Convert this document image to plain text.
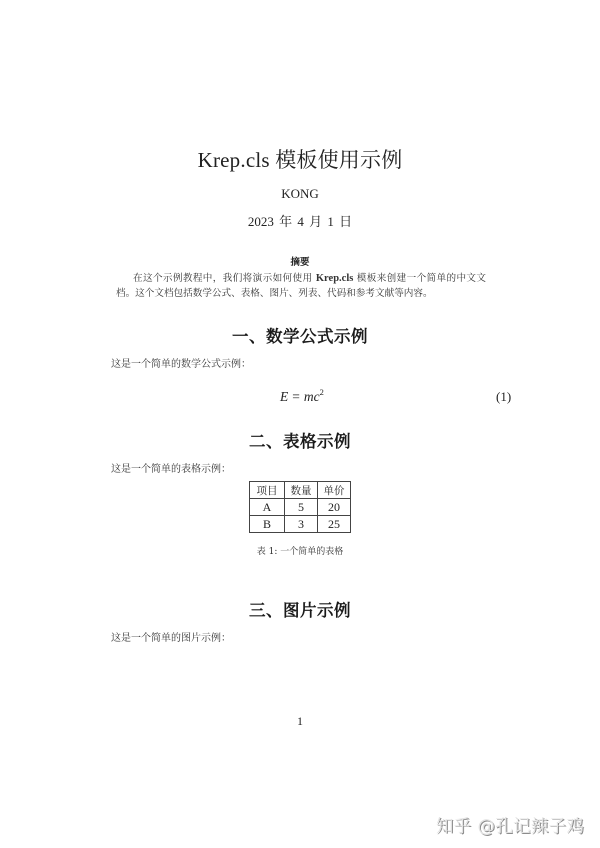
Krep.cls 模板使用示例
KONG
2023 年 4 月 1 日
摘要
在这个示例教程中，我们将演示如何使用 Krep.cls 模板来创建一个简单的中文文档。这个文档包括数学公式、表格、图片、列表、代码和参考文献等内容。
一、数学公式示例
这是一个简单的数学公式示例：
$E = mc^2$	(1)
二、表格示例
这是一个简单的表格示例：
项目	数量	单价
A	5	20
B	3	25
表 1: 一个简单的表格
三、图片示例
这是一个简单的图片示例：
1
知乎 @孔记辣子鸡
